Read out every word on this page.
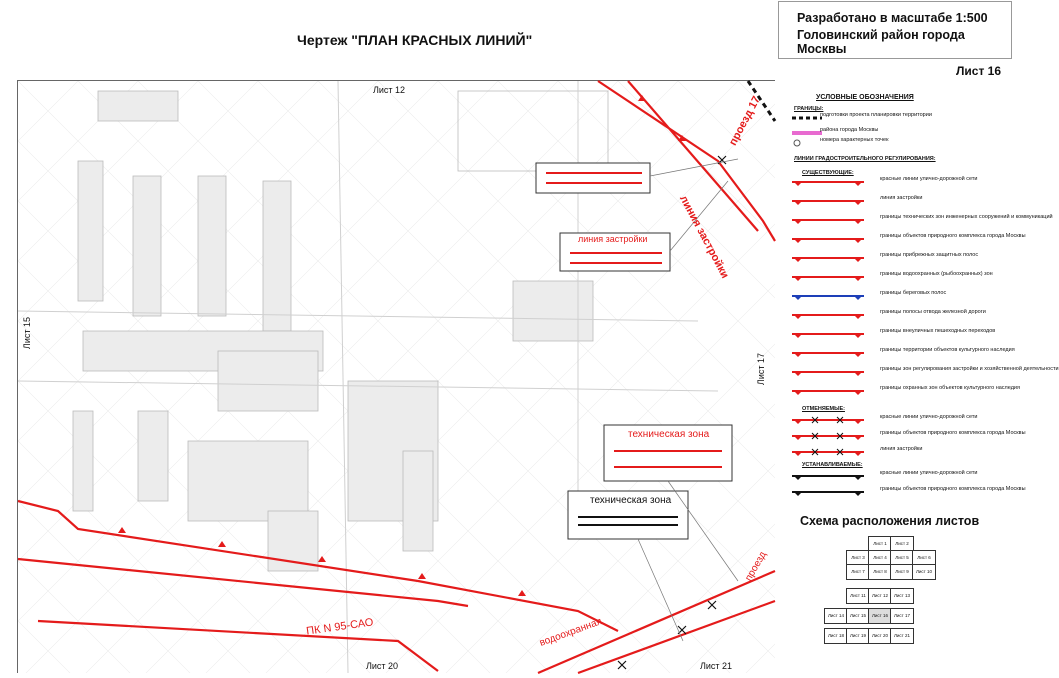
Чертеж "ПЛАН КРАСНЫХ ЛИНИЙ"
Разработано в масштабе 1:500
Головинский район города Москвы
Лист 16
Лист 12
Лист 15
Лист 17
Лист 20	Лист 21
проезд 17
линия застройки
линия застройки
техническая зона
техническая зона
ПК N 95-САО	водоохранная
проезд
УСЛОВНЫЕ ОБОЗНАЧЕНИЯ
ГРАНИЦЫ:
подготовки проекта планировки территории
района города Москвы
номера характерных точек
ЛИНИИ ГРАДОСТРОИТЕЛЬНОГО РЕГУЛИРОВАНИЯ:
СУЩЕСТВУЮЩИЕ:
красные линии улично-дорожной сети
линия застройки
границы технических зон инженерных сооружений и коммуникаций
границы объектов природного комплекса города Москвы
границы прибрежных защитных полос
границы водоохранных (рыбоохранных) зон
границы береговых полос
границы полосы отвода железной дороги
границы внеуличных пешеходных переходов
границы территории объектов культурного наследия
границы зон регулирования застройки и хозяйственной деятельности
границы охранных зон объектов культурного наследия
ОТМЕНЯЕМЫЕ:
красные линии улично-дорожной сети
границы объектов природного комплекса города Москвы
линия застройки
УСТАНАВЛИВАЕМЫЕ:
красные линии улично-дорожной сети
границы объектов природного комплекса города Москвы
Схема расположения листов
Лист 1	Лист 2
Лист 3	Лист 4	Лист 5	Лист 6
Лист 7	Лист 8	Лист 9	Лист 10
Лист 11	Лист 12	Лист 13
Лист 14	Лист 15	Лист 16	Лист 17
Лист 18	Лист 19	Лист 20	Лист 21
